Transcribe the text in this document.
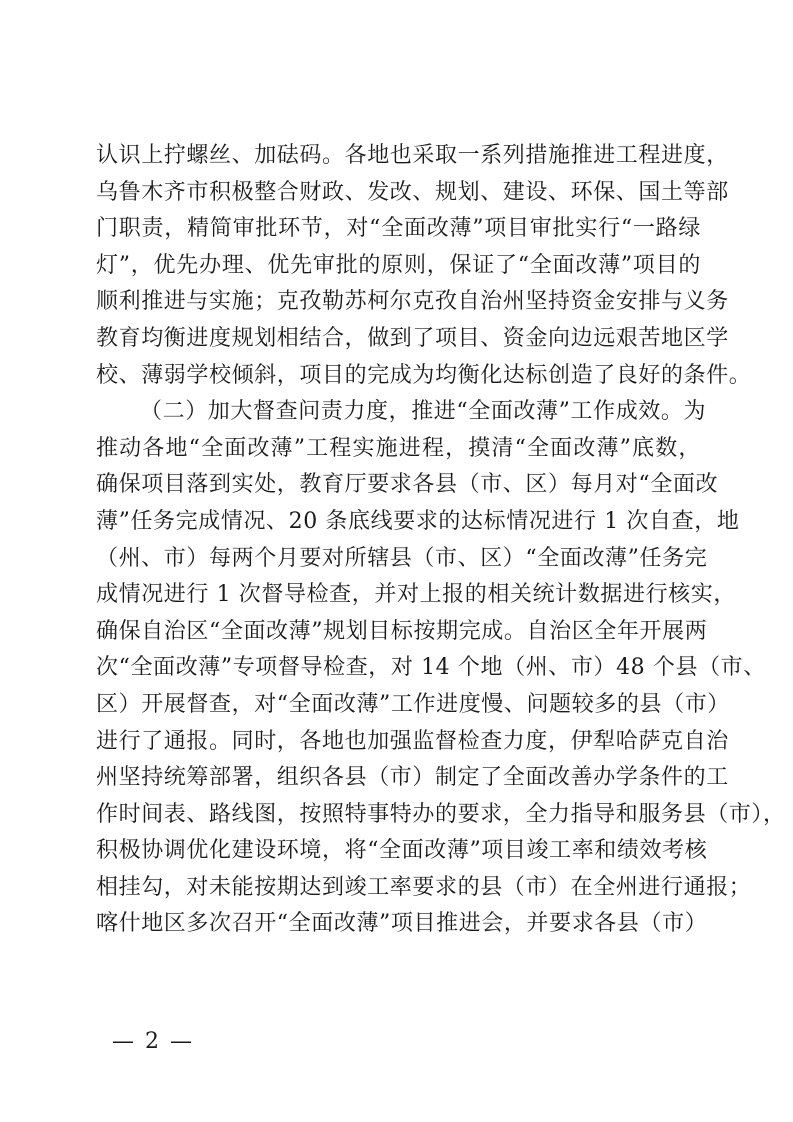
认识上拧螺丝、加砝码。各地也采取一系列措施推进工程进度，
乌鲁木齐市积极整合财政、发改、规划、建设、环保、国土等部
门职责，精简审批环节，对“全面改薄”项目审批实行“一路绿
灯”，优先办理、优先审批的原则，保证了“全面改薄”项目的
顺利推进与实施；克孜勒苏柯尔克孜自治州坚持资金安排与义务
教育均衡进度规划相结合，做到了项目、资金向边远艰苦地区学
校、薄弱学校倾斜，项目的完成为均衡化达标创造了良好的条件。
（二）加大督查问责力度，推进“全面改薄”工作成效。为
推动各地“全面改薄”工程实施进程，摸清“全面改薄”底数，
确保项目落到实处，教育厅要求各县（市、区）每月对“全面改
薄”任务完成情况、20 条底线要求的达标情况进行 1 次自查，地
（州、市）每两个月要对所辖县（市、区）“全面改薄”任务完
成情况进行 1 次督导检查，并对上报的相关统计数据进行核实，
确保自治区“全面改薄”规划目标按期完成。自治区全年开展两
次“全面改薄”专项督导检查，对 14 个地（州、市）48 个县（市、
区）开展督查，对“全面改薄”工作进度慢、问题较多的县（市）
进行了通报。同时，各地也加强监督检查力度，伊犁哈萨克自治
州坚持统筹部署，组织各县（市）制定了全面改善办学条件的工
作时间表、路线图，按照特事特办的要求，全力指导和服务县（市），
积极协调优化建设环境，将“全面改薄”项目竣工率和绩效考核
相挂勾，对未能按期达到竣工率要求的县（市）在全州进行通报；
喀什地区多次召开“全面改薄”项目推进会，并要求各县（市）
— 2 —
